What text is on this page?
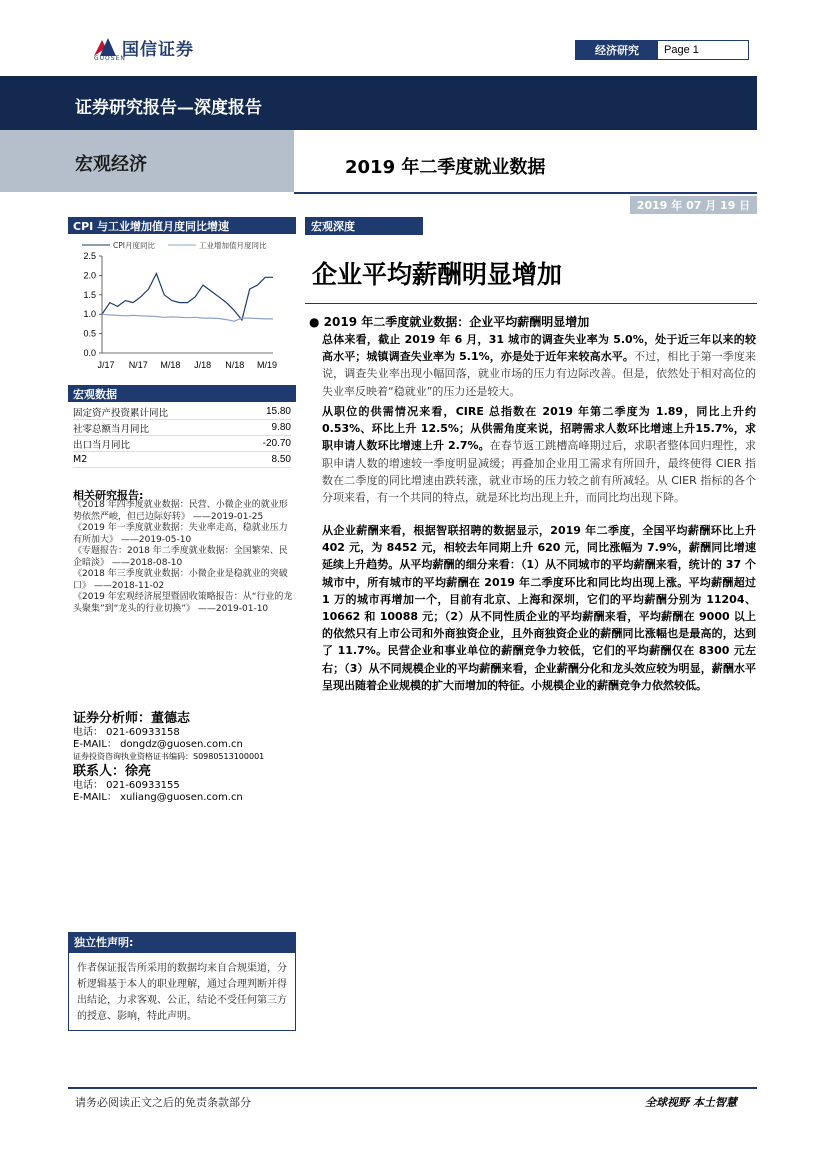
国信证券
GUOSEN
经济研究	Page 1
证券研究报告—深度报告
宏观经济	2019 年二季度就业数据
2019 年 07 月 19 日
CPI 与工业增加值月度同比增速
0.0
0.5
1.0
1.5
2.0
2.5
J/17 N/17 M/18 J/18 N/18 M/19
CPI月度同比	工业增加值月度同比
宏观数据
固定资产投资累计同比	15.80
社零总额当月同比	9.80
出口当月同比	-20.70
M2	8.50
相关研究报告:
《2018 年四季度就业数据：民营、小微企业的就业形势依然严峻，但已边际好转》 ——2019-01-25
《2019 年一季度就业数据：失业率走高，稳就业压力有所加大》 ——2019-05-10
《专题报告：2018 年二季度就业数据：全国繁荣、民企暗淡》 ——2018-08-10
《2018 年三季度就业数据：小微企业是稳就业的突破口》 ——2018-11-02
《2019 年宏观经济展望暨固收策略报告：从“行业的龙头聚集”到“龙头的行业切换”》 ——2019-01-10
证券分析师：董德志
电话： 021-60933158
E-MAIL： dongdz@guosen.com.cn
证券投资咨询执业资格证书编码：S0980513100001
联系人：徐亮
电话： 021-60933155
E-MAIL： xuliang@guosen.com.cn
独立性声明:
作者保证报告所采用的数据均来自合规渠道，分析逻辑基于本人的职业理解，通过合理判断并得出结论，力求客观、公正，结论不受任何第三方的授意、影响，特此声明。
宏观深度
企业平均薪酬明显增加
● 2019 年二季度就业数据：企业平均薪酬明显增加
总体来看，截止 2019 年 6 月，31 城市的调查失业率为 5.0%，处于近三年以来的较高水平；城镇调查失业率为 5.1%，亦是处于近年来较高水平。不过，相比于第一季度来说，调查失业率出现小幅回落，就业市场的压力有边际改善。但是，依然处于相对高位的失业率反映着“稳就业”的压力还是较大。
从职位的供需情况来看，CIRE 总指数在 2019 年第二季度为 1.89，同比上升约 0.53%、环比上升 12.5%；从供需角度来说，招聘需求人数环比增速上升15.7%，求职申请人数环比增速上升 2.7%。在春节返工跳槽高峰期过后，求职者整体回归理性，求职申请人数的增速较一季度明显减缓；再叠加企业用工需求有所回升，最终使得 CIER 指数在二季度的同比增速由跌转涨，就业市场的压力较之前有所减轻。从 CIER 指标的各个分项来看，有一个共同的特点，就是环比均出现上升，而同比均出现下降。
从企业薪酬来看，根据智联招聘的数据显示，2019 年二季度，全国平均薪酬环比上升 402 元，为 8452 元，相较去年同期上升 620 元，同比涨幅为 7.9%，薪酬同比增速延续上升趋势。从平均薪酬的细分来看：（1）从不同城市的平均薪酬来看，统计的 37 个城市中，所有城市的平均薪酬在 2019 年二季度环比和同比均出现上涨。平均薪酬超过 1 万的城市再增加一个，目前有北京、上海和深圳，它们的平均薪酬分别为 11204、10662 和 10088 元；（2）从不同性质企业的平均薪酬来看，平均薪酬在 9000 以上的依然只有上市公司和外商独资企业，且外商独资企业的薪酬同比涨幅也是最高的，达到了 11.7%。民营企业和事业单位的薪酬竞争力较低，它们的平均薪酬仅在 8300 元左右；（3）从不同规模企业的平均薪酬来看，企业薪酬分化和龙头效应较为明显，薪酬水平呈现出随着企业规模的扩大而增加的特征。小规模企业的薪酬竞争力依然较低。
请务必阅读正文之后的免责条款部分	全球视野 本土智慧
